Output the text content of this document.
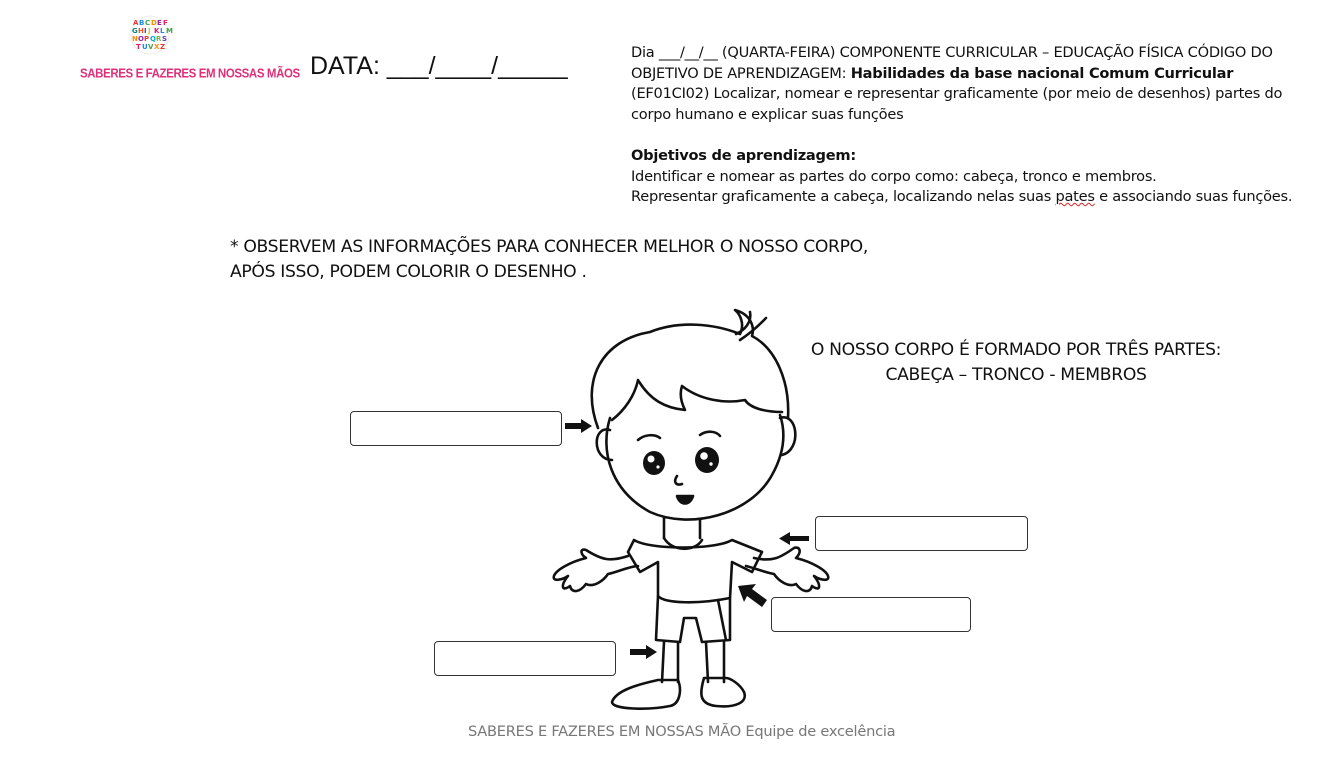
A B C D E F
G H I J K L M
N O P Q R S
T U V X Z
SABERES E FAZERES EM NOSSAS MÃOS DATA: ___/____/_____	Dia ___/__/__ (QUARTA-FEIRA) COMPONENTE CURRICULAR – EDUCAÇÃO FÍSICA CÓDIGO DO

OBJETIVO DE APRENDIZAGEM: Habilidades da base nacional Comum Curricular

(EF01CI02) Localizar, nomear e representar graficamente (por meio de desenhos) partes do

corpo humano e explicar suas funções

Objetivos de aprendizagem:

Identificar e nomear as partes do corpo como: cabeça, tronco e membros.

Representar graficamente a cabeça, localizando nelas suas pates e associando suas funções.

* OBSERVEM AS INFORMAÇÕES PARA CONHECER MELHOR O NOSSO CORPO,
APÓS ISSO, PODEM COLORIR O DESENHO .
O NOSSO CORPO É FORMADO POR TRÊS PARTES:
CABEÇA – TRONCO - MEMBROS
SABERES E FAZERES EM NOSSAS MÃO Equipe de excelência
